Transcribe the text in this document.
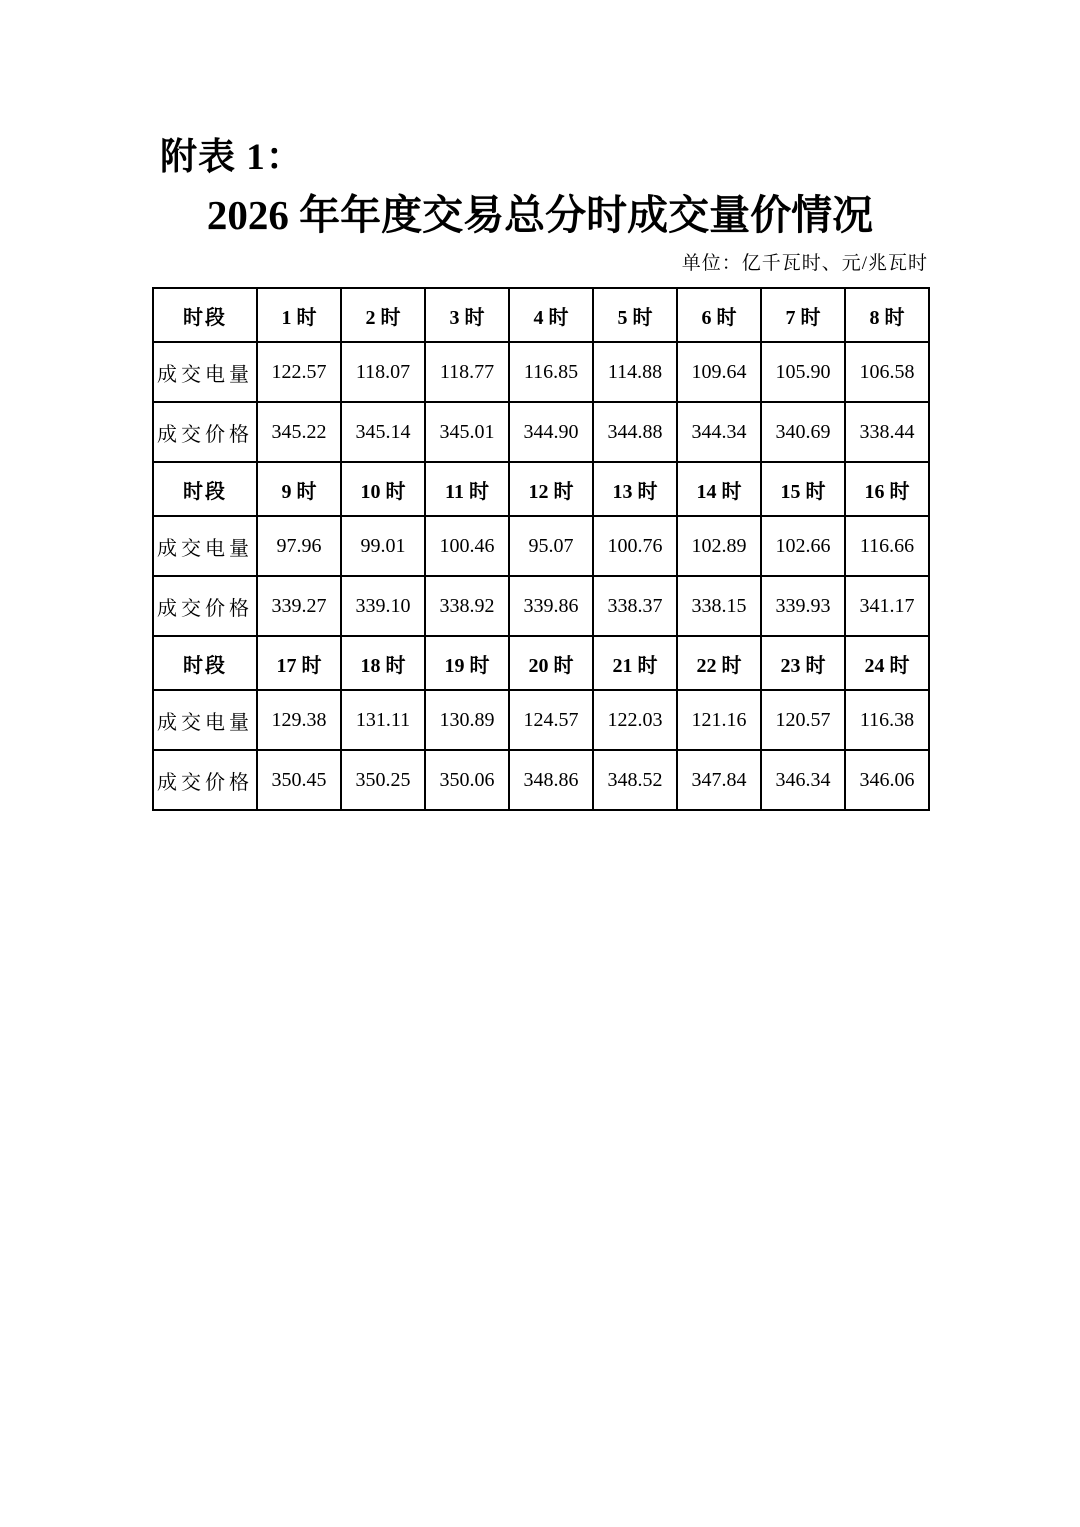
附表 1：
2026 年年度交易总分时成交量价情况
单位：亿千瓦时、元/兆瓦时
时段	1 时	2 时	3 时	4 时	5 时	6 时	7 时	8 时
成交电量	122.57	118.07	118.77	116.85	114.88	109.64	105.90	106.58
成交价格	345.22	345.14	345.01	344.90	344.88	344.34	340.69	338.44
时段	9 时	10 时	11 时	12 时	13 时	14 时	15 时	16 时
成交电量	97.96	99.01	100.46	95.07	100.76	102.89	102.66	116.66
成交价格	339.27	339.10	338.92	339.86	338.37	338.15	339.93	341.17
时段	17 时	18 时	19 时	20 时	21 时	22 时	23 时	24 时
成交电量	129.38	131.11	130.89	124.57	122.03	121.16	120.57	116.38
成交价格	350.45	350.25	350.06	348.86	348.52	347.84	346.34	346.06
